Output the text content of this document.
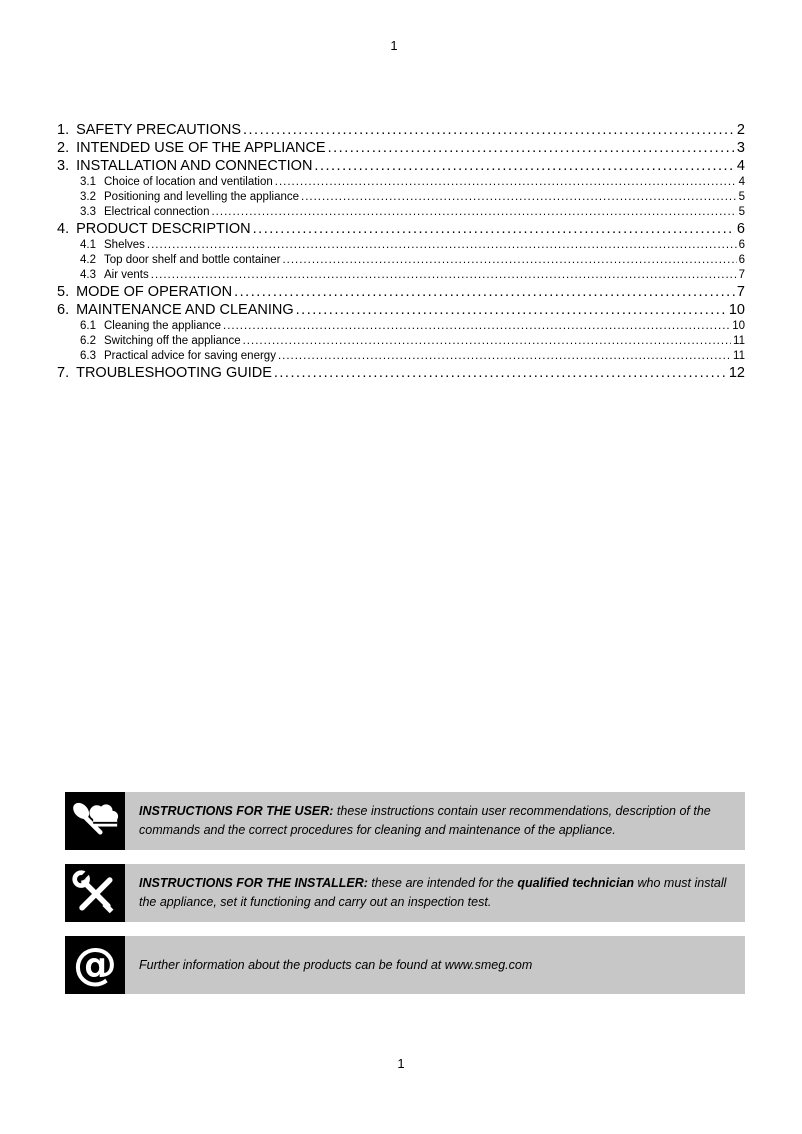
1
1. SAFETY PRECAUTIONS .....	2
2. INTENDED USE OF THE APPLIANCE .....	3
3. INSTALLATION AND CONNECTION .....	4
3.1 Choice of location and ventilation .....	4
3.2 Positioning and levelling the appliance .....	5
3.3 Electrical connection .....	5
4. PRODUCT DESCRIPTION .....	6
4.1 Shelves .....	6
4.2 Top door shelf and bottle container .....	6
4.3 Air vents .....	7
5. MODE OF OPERATION .....	7
6. MAINTENANCE AND CLEANING .....	10
6.1 Cleaning the appliance .....	10
6.2 Switching off the appliance .....	11
6.3 Practical advice for saving energy .....	11
7. TROUBLESHOOTING GUIDE .....	12

INSTRUCTIONS FOR THE USER: these instructions contain user recommendations, description of the commands and the correct procedures for cleaning and maintenance of the appliance.

INSTRUCTIONS FOR THE INSTALLER: these are intended for the qualified technician who must install the appliance, set it functioning and carry out an inspection test.

@ Further information about the products can be found at www.smeg.com

1
